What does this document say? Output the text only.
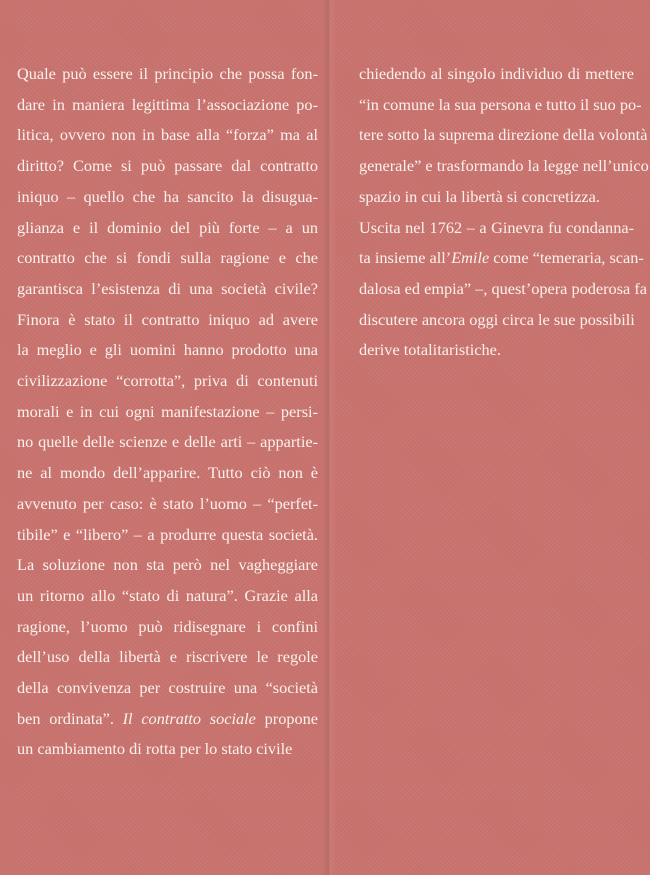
Quale può essere il principio che possa fon-
dare in maniera legittima l’associazione po-
litica, ovvero non in base alla “forza” ma al
diritto? Come si può passare dal contratto
iniquo – quello che ha sancito la disugua-
glianza e il dominio del più forte – a un
contratto che si fondi sulla ragione e che
garantisca l’esistenza di una società civile?
Finora è stato il contratto iniquo ad avere
la meglio e gli uomini hanno prodotto una
civilizzazione “corrotta”, priva di contenuti
morali e in cui ogni manifestazione – persi-
no quelle delle scienze e delle arti – appartie-
ne al mondo dell’apparire. Tutto ciò non è
avvenuto per caso: è stato l’uomo – “perfet-
tibile” e “libero” – a produrre questa società.
La soluzione non sta però nel vagheggiare
un ritorno allo “stato di natura”. Grazie alla
ragione, l’uomo può ridisegnare i confini
dell’uso della libertà e riscrivere le regole
della convivenza per costruire una “società
ben ordinata”. Il contratto sociale propone
un cambiamento di rotta per lo stato civile
chiedendo al singolo individuo di mettere
“in comune la sua persona e tutto il suo po-
tere sotto la suprema direzione della volontà
generale” e trasformando la legge nell’unico
spazio in cui la libertà si concretizza.
Uscita nel 1762 – a Ginevra fu condanna-
ta insieme all’Emile come “temeraria, scan-
dalosa ed empia” –, quest’opera poderosa fa
discutere ancora oggi circa le sue possibili
derive totalitaristiche.
